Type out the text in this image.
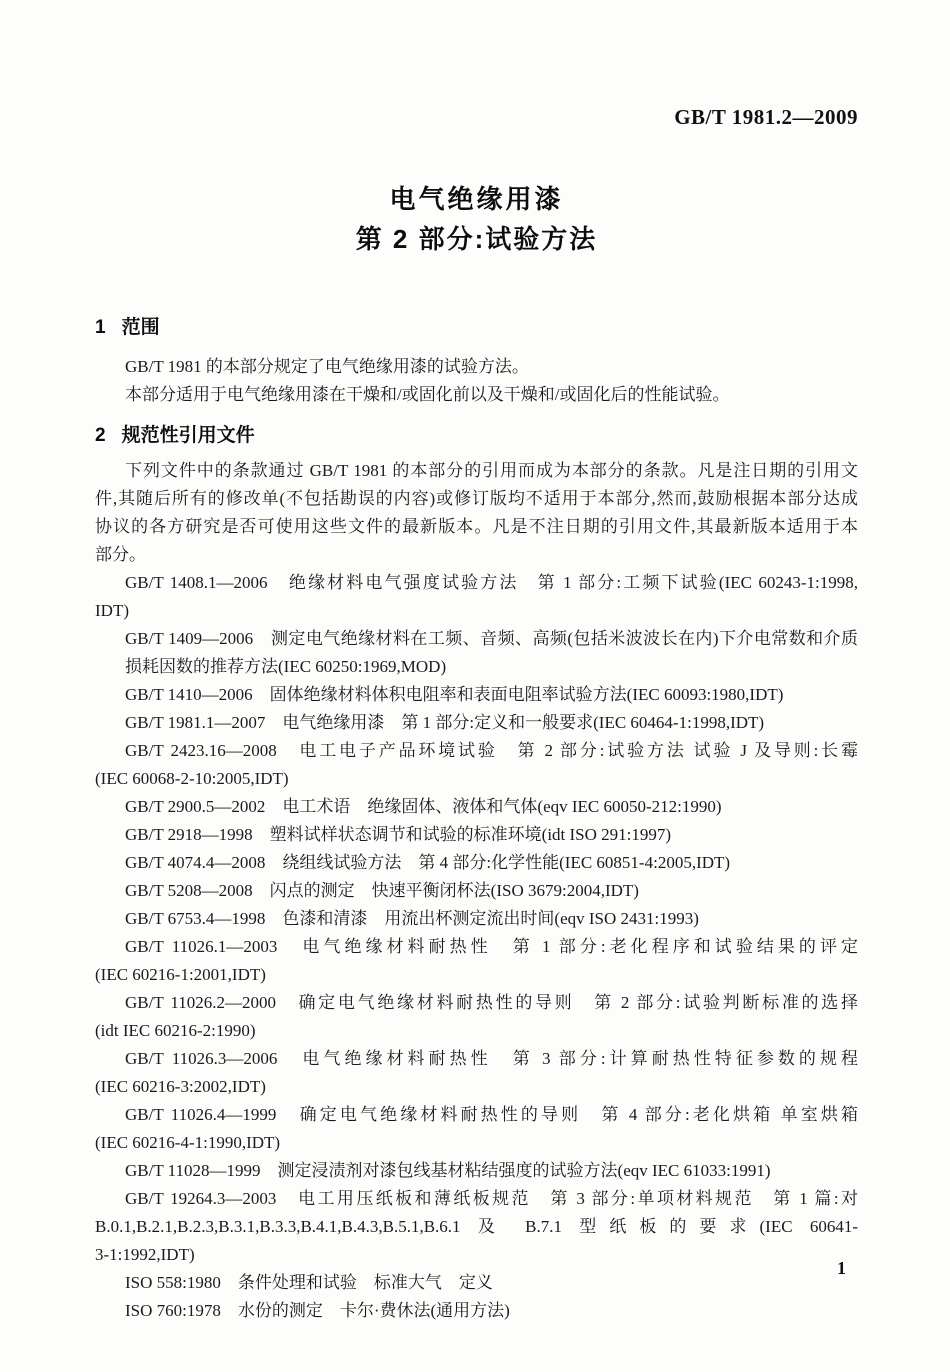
GB/T 1981.2—2009
电气绝缘用漆
第 2 部分:试验方法
1 范围
GB/T 1981 的本部分规定了电气绝缘用漆的试验方法。
本部分适用于电气绝缘用漆在干燥和/或固化前以及干燥和/或固化后的性能试验。
2 规范性引用文件
下列文件中的条款通过 GB/T 1981 的本部分的引用而成为本部分的条款。凡是注日期的引用文
件,其随后所有的修改单(不包括勘误的内容)或修订版均不适用于本部分,然而,鼓励根据本部分达成
协议的各方研究是否可使用这些文件的最新版本。凡是不注日期的引用文件,其最新版本适用于本
部分。
GB/T 1408.1—2006　绝缘材料电气强度试验方法　第 1 部分:工频下试验(IEC 60243-1:1998,
IDT)
GB/T 1409—2006　测定电气绝缘材料在工频、音频、高频(包括米波波长在内)下介电常数和介质
损耗因数的推荐方法(IEC 60250:1969,MOD)
GB/T 1410—2006　固体绝缘材料体积电阻率和表面电阻率试验方法(IEC 60093:1980,IDT)
GB/T 1981.1—2007　电气绝缘用漆　第 1 部分:定义和一般要求(IEC 60464-1:1998,IDT)
GB/T 2423.16—2008　电工电子产品环境试验　第 2 部分:试验方法 试验 J 及导则:长霉
(IEC 60068-2-10:2005,IDT)
GB/T 2900.5—2002　电工术语　绝缘固体、液体和气体(eqv IEC 60050-212:1990)
GB/T 2918—1998　塑料试样状态调节和试验的标准环境(idt ISO 291:1997)
GB/T 4074.4—2008　绕组线试验方法　第 4 部分:化学性能(IEC 60851-4:2005,IDT)
GB/T 5208—2008　闪点的测定　快速平衡闭杯法(ISO 3679:2004,IDT)
GB/T 6753.4—1998　色漆和清漆　用流出杯测定流出时间(eqv ISO 2431:1993)
GB/T 11026.1—2003　电气绝缘材料耐热性　第 1 部分:老化程序和试验结果的评定
(IEC 60216-1:2001,IDT)
GB/T 11026.2—2000　确定电气绝缘材料耐热性的导则　第 2 部分:试验判断标准的选择
(idt IEC 60216-2:1990)
GB/T 11026.3—2006　电气绝缘材料耐热性　第 3 部分:计算耐热性特征参数的规程
(IEC 60216-3:2002,IDT)
GB/T 11026.4—1999　确定电气绝缘材料耐热性的导则　第 4 部分:老化烘箱 单室烘箱
(IEC 60216-4-1:1990,IDT)
GB/T 11028—1999　测定浸渍剂对漆包线基材粘结强度的试验方法(eqv IEC 61033:1991)
GB/T 19264.3—2003　电工用压纸板和薄纸板规范　第 3 部分:单项材料规范　第 1 篇:对
B.0.1,B.2.1,B.2.3,B.3.1,B.3.3,B.4.1,B.4.3,B.5.1,B.6.1 及 B.7.1 型纸板的要求(IEC 60641-
3-1:1992,IDT)
ISO 558:1980　条件处理和试验　标准大气　定义
ISO 760:1978　水份的测定　卡尔·费休法(通用方法)
1
